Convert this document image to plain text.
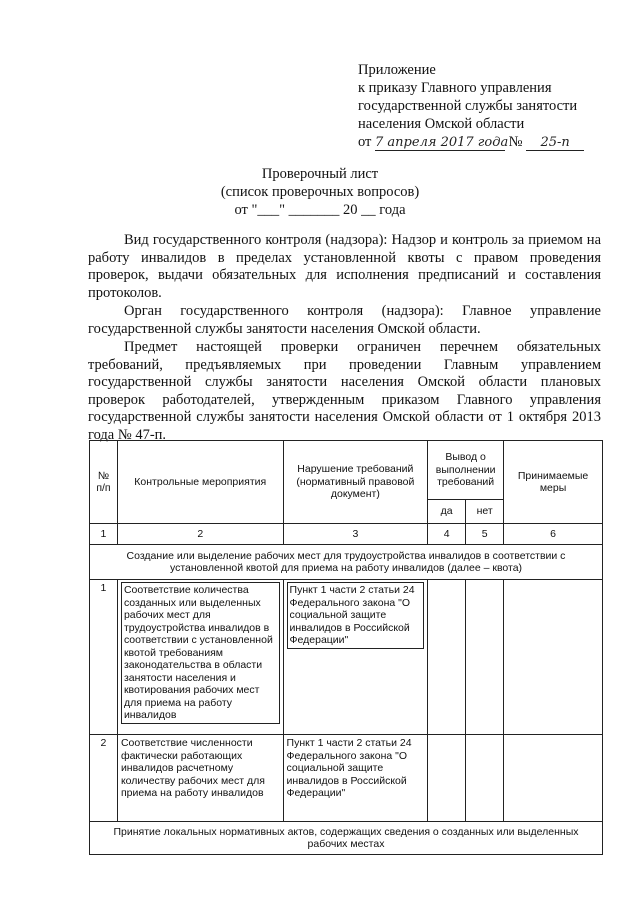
Приложение
к приказу Главного управления
государственной службы занятости
населения Омской области
от 7 апреля 2017 года № 25-п
Проверочный лист
(список проверочных вопросов)
от "___" _______ 20 __ года
Вид государственного контроля (надзора): Надзор и контроль за приемом на работу инвалидов в пределах установленной квоты с правом проведения проверок, выдачи обязательных для исполнения предписаний и составления протоколов.
Орган государственного контроля (надзора): Главное управление государственной службы занятости населения Омской области.
Предмет настоящей проверки ограничен перечнем обязательных требований, предъявляемых при проведении Главным управлением государственной службы занятости населения Омской области плановых проверок работодателей, утвержденным приказом Главного управления государственной службы занятости населения Омской области от 1 октября 2013 года № 47-п.
№ п/п	Контрольные мероприятия	Нарушение требований (нормативный правовой документ)	Вывод о выполнении требований		Принимаемые меры
			да	нет	
1	2	3	4	5	6
Создание или выделение рабочих мест для трудоустройства инвалидов в соответствии с установленной квотой для приема на работу инвалидов (далее – квота)					
1	Соответствие количества созданных или выделенных рабочих мест для трудоустройства инвалидов в соответствии с установленной квотой требованиям законодательства в области занятости населения и квотирования рабочих мест для приема на работу инвалидов	Пункт 1 части 2 статьи 24 Федерального закона "О социальной защите инвалидов в Российской Федерации"			

2	Соответствие численности фактически работающих инвалидов расчетному количеству рабочих мест для приема на работу инвалидов	Пункт 1 части 2 статьи 24 Федерального закона "О социальной защите инвалидов в Российской Федерации"			
Принятие локальных нормативных актов, содержащих сведения о созданных или выделенных рабочих местах					
